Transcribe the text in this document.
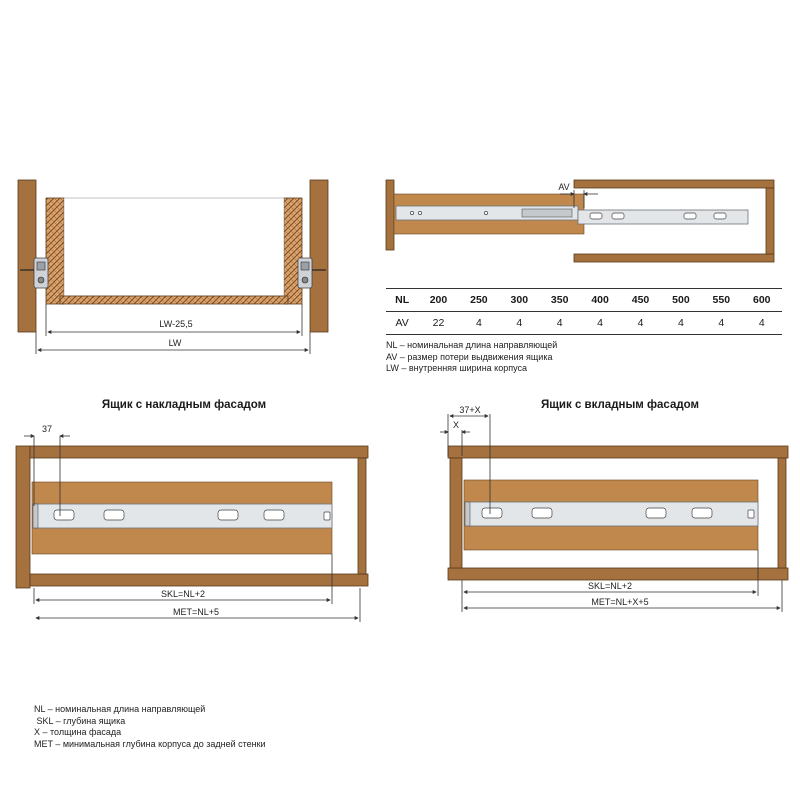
LW-25,5
LW
AV
Ящик с накладным фасадом
37
SKL=NL+2
MET=NL+5
Ящик с вкладным фасадом
37+X
X
SKL=NL+2
MET=NL+X+5
NL	200	250	300	350	400	450	500	550	600
AV	22	4	4	4	4	4	4	4	4
NL – номинальная длина направляющей
AV – размер потери выдвижения ящика
LW – внутренняя ширина корпуса
NL – номинальная длина направляющей
SKL – глубина ящика
X – толщина фасада
MET – минимальная глубина корпуса до задней стенки
